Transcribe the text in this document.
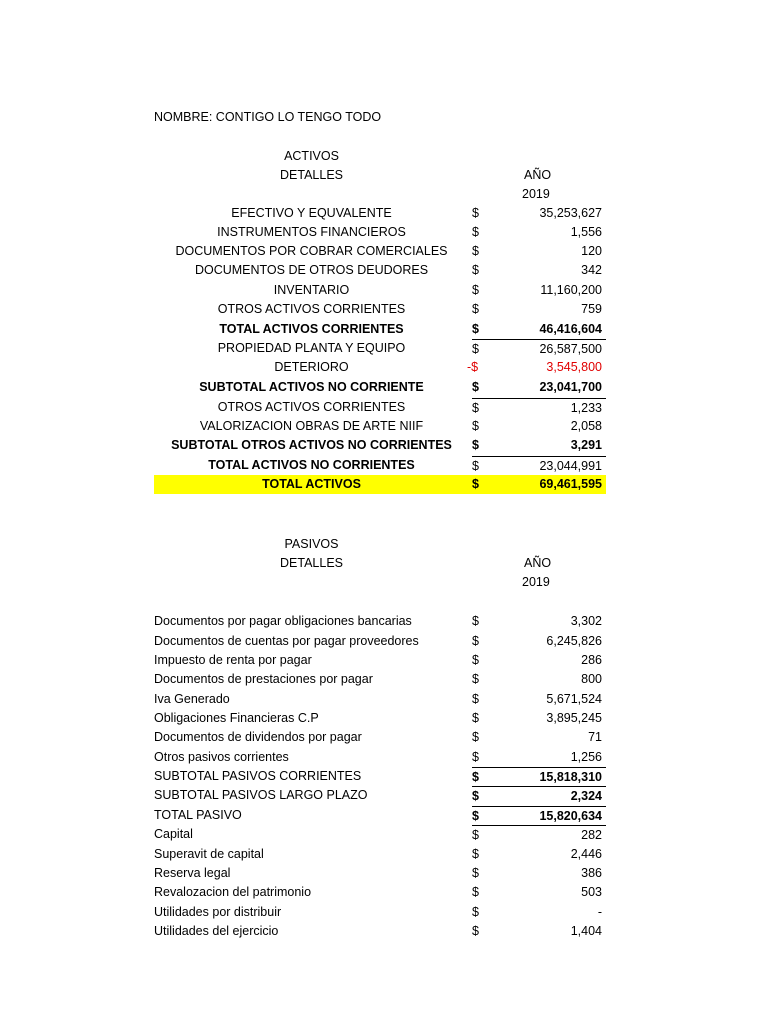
NOMBRE: CONTIGO LO TENGO TODO
ACTIVOS
DETALLES	AÑO
2019
EFECTIVO Y EQUVALENTE	$	35,253,627
INSTRUMENTOS FINANCIEROS	$	1,556
DOCUMENTOS POR COBRAR COMERCIALES	$	120
DOCUMENTOS DE OTROS DEUDORES	$	342
INVENTARIO	$	11,160,200
OTROS ACTIVOS CORRIENTES	$	759
TOTAL ACTIVOS CORRIENTES	$	46,416,604
PROPIEDAD PLANTA Y EQUIPO	$	26,587,500
DETERIORO	-$	3,545,800
SUBTOTAL ACTIVOS NO CORRIENTE	$	23,041,700
OTROS ACTIVOS CORRIENTES	$	1,233
VALORIZACION OBRAS DE ARTE NIIF	$	2,058
SUBTOTAL OTROS ACTIVOS NO CORRIENTES	$	3,291
TOTAL ACTIVOS NO CORRIENTES	$	23,044,991
TOTAL ACTIVOS	$	69,461,595
PASIVOS
DETALLES	AÑO
2019
Documentos por pagar obligaciones bancarias	$	3,302
Documentos de cuentas por pagar proveedores	$	6,245,826
Impuesto de renta por pagar	$	286
Documentos de prestaciones por pagar	$	800
Iva Generado	$	5,671,524
Obligaciones Financieras C.P	$	3,895,245
Documentos de dividendos por pagar	$	71
Otros pasivos corrientes	$	1,256
SUBTOTAL PASIVOS CORRIENTES	$	15,818,310
SUBTOTAL PASIVOS LARGO PLAZO	$	2,324
TOTAL PASIVO	$	15,820,634
Capital	$	282
Superavit de capital	$	2,446
Reserva legal	$	386
Revalozacion del patrimonio	$	503
Utilidades por distribuir	$	-
Utilidades del ejercicio	$	1,404
